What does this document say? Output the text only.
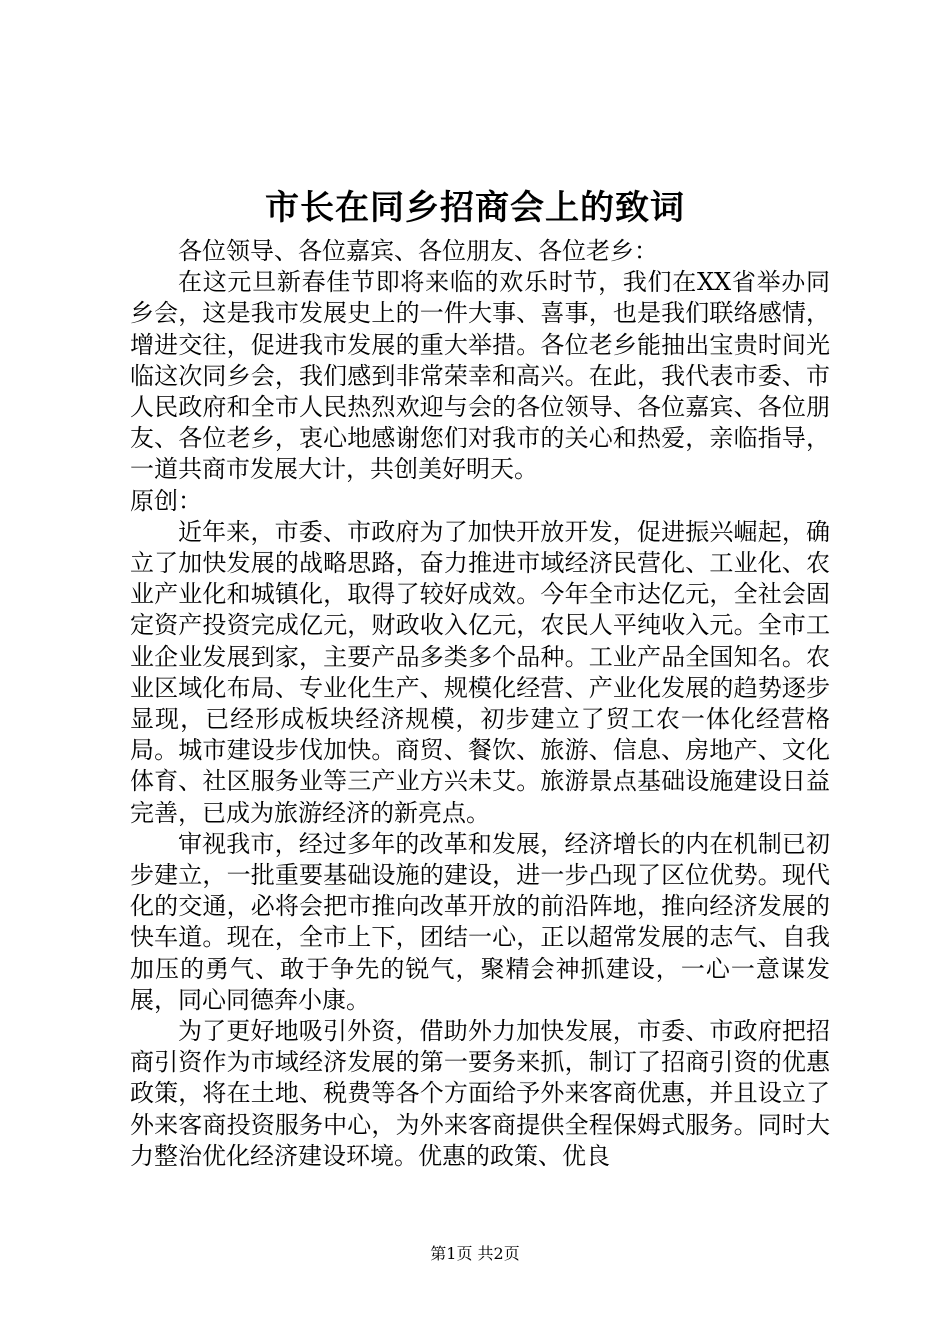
市长在同乡招商会上的致词

各位领导、各位嘉宾、各位朋友、各位老乡：

在这元旦新春佳节即将来临的欢乐时节，我们在XX省举办同乡会，这是我市发展史上的一件大事、喜事，也是我们联络感情，增进交往，促进我市发展的重大举措。各位老乡能抽出宝贵时间光临这次同乡会，我们感到非常荣幸和高兴。在此，我代表市委、市人民政府和全市人民热烈欢迎与会的各位领导、各位嘉宾、各位朋友、各位老乡，衷心地感谢您们对我市的关心和热爱，亲临指导，一道共商市发展大计，共创美好明天。

原创：

近年来，市委、市政府为了加快开放开发，促进振兴崛起，确立了加快发展的战略思路，奋力推进市域经济民营化、工业化、农业产业化和城镇化，取得了较好成效。今年全市达亿元，全社会固定资产投资完成亿元，财政收入亿元，农民人平纯收入元。全市工业企业发展到家，主要产品多类多个品种。工业产品全国知名。农业区域化布局、专业化生产、规模化经营、产业化发展的趋势逐步显现，已经形成板块经济规模，初步建立了贸工农一体化经营格局。城市建设步伐加快。商贸、餐饮、旅游、信息、房地产、文化体育、社区服务业等三产业方兴未艾。旅游景点基础设施建设日益完善，已成为旅游经济的新亮点。

审视我市，经过多年的改革和发展，经济增长的内在机制已初步建立，一批重要基础设施的建设，进一步凸现了区位优势。现代化的交通，必将会把市推向改革开放的前沿阵地，推向经济发展的快车道。现在，全市上下，团结一心，正以超常发展的志气、自我加压的勇气、敢于争先的锐气，聚精会神抓建设，一心一意谋发展，同心同德奔小康。

为了更好地吸引外资，借助外力加快发展，市委、市政府把招商引资作为市域经济发展的第一要务来抓，制订了招商引资的优惠政策，将在土地、税费等各个方面给予外来客商优惠，并且设立了外来客商投资服务中心，为外来客商提供全程保姆式服务。同时大力整治优化经济建设环境。优惠的政策、优良

第1页 共2页
